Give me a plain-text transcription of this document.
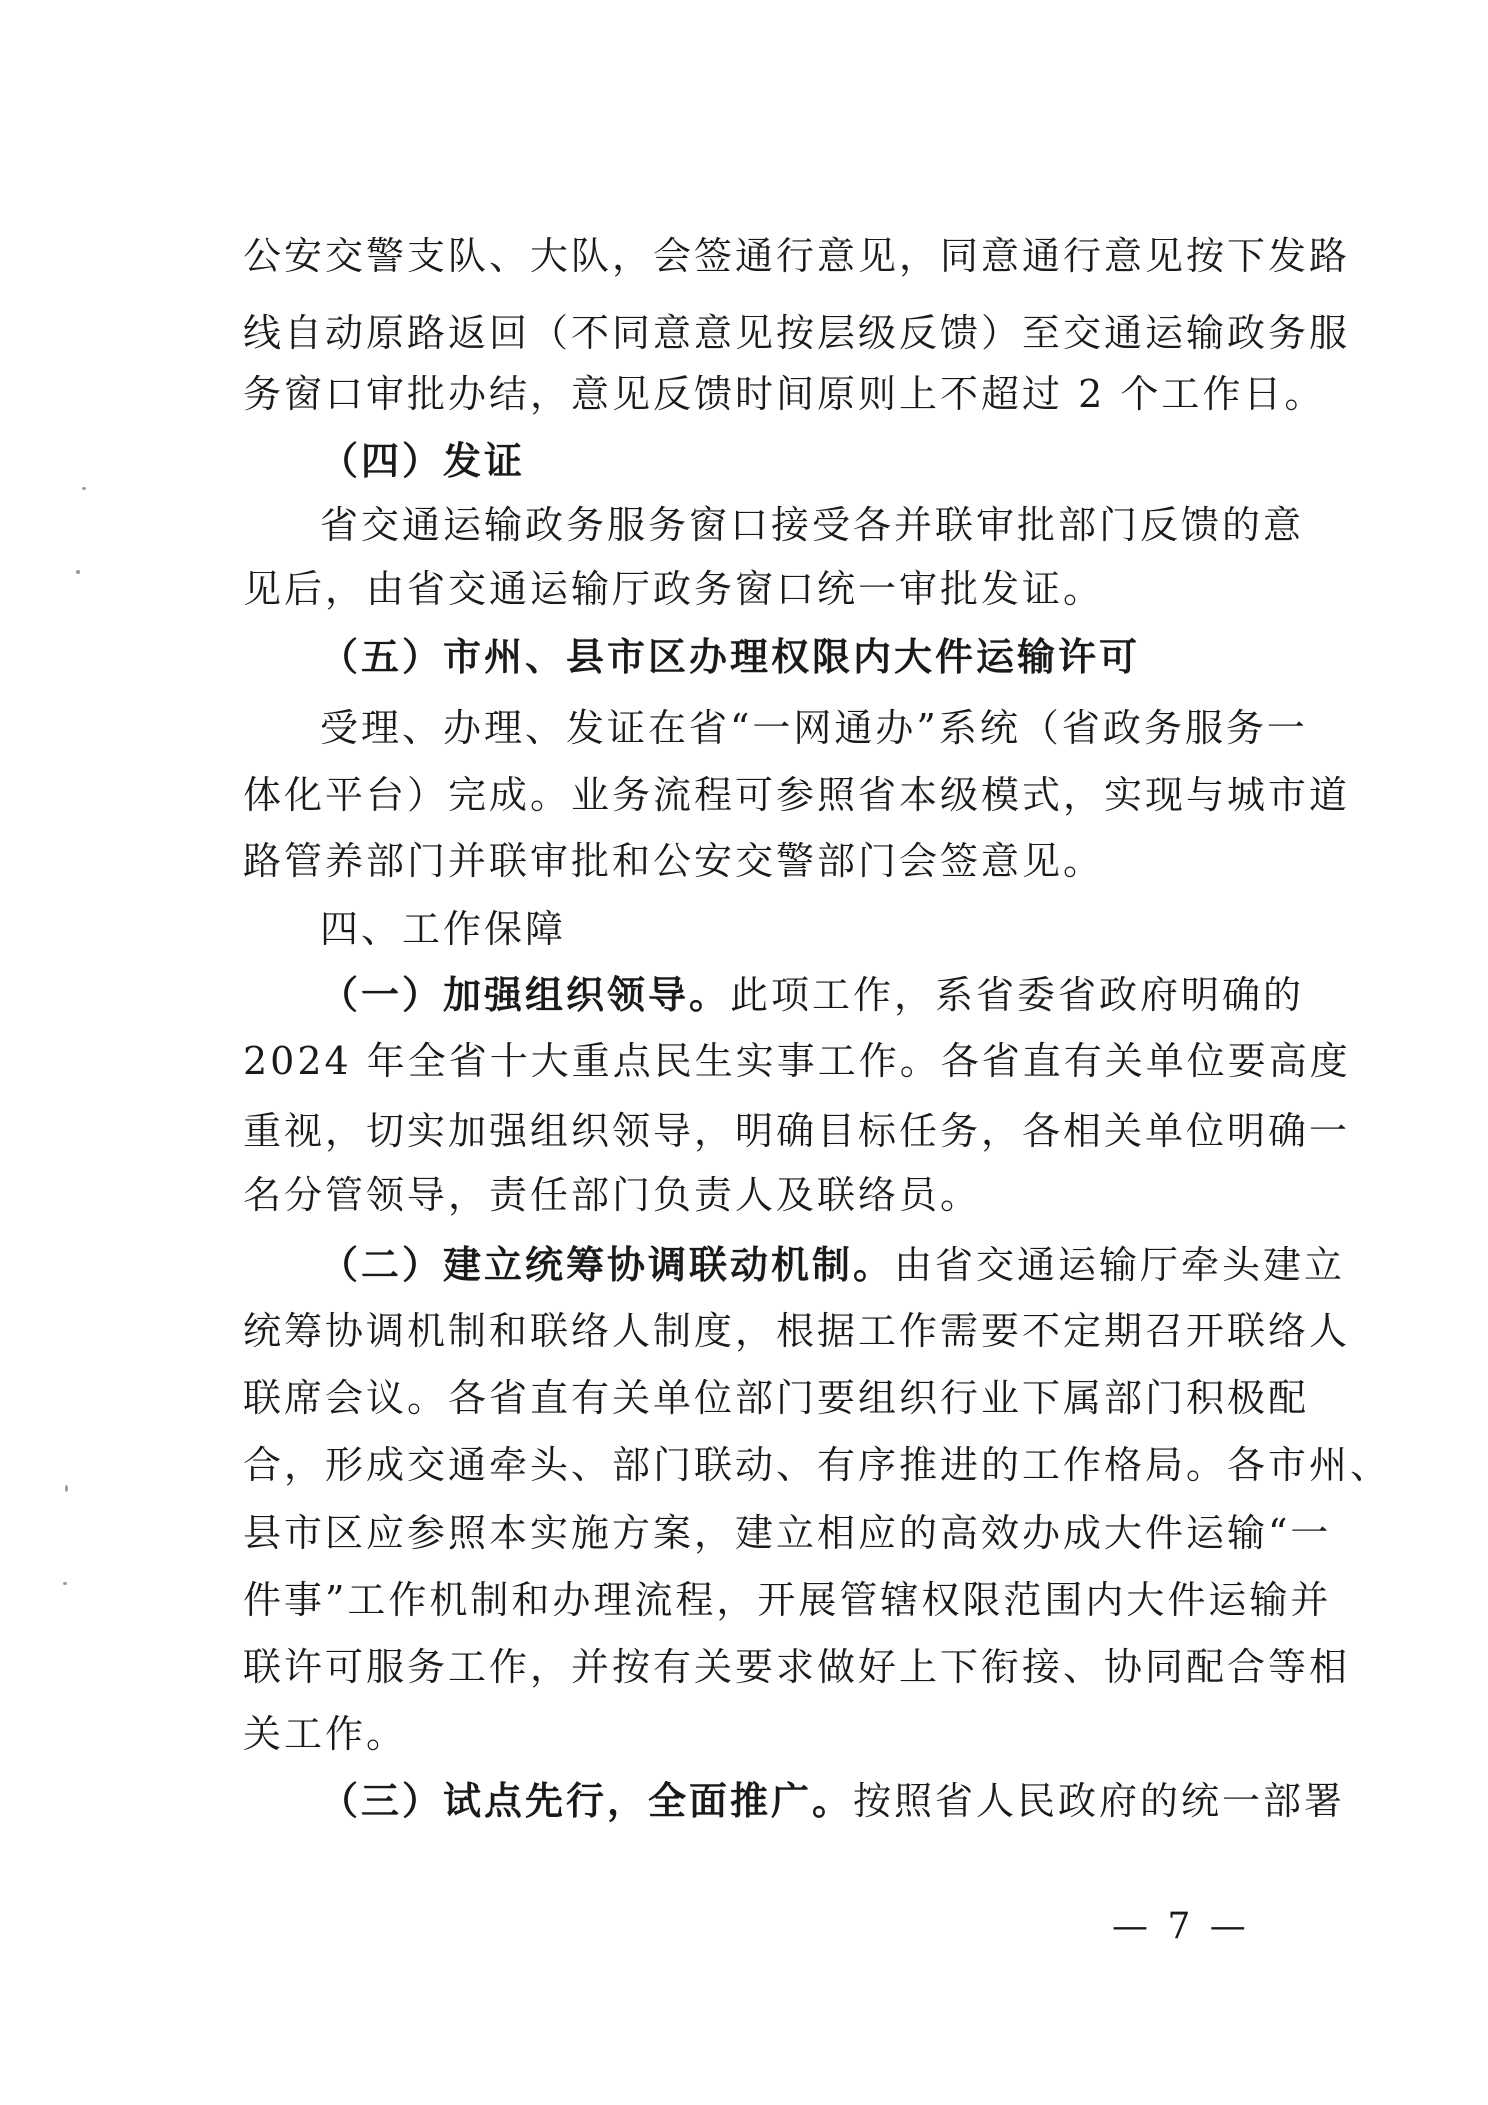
公安交警支队、大队，会签通行意见，同意通行意见按下发路
线自动原路返回（不同意意见按层级反馈）至交通运输政务服
务窗口审批办结，意见反馈时间原则上不超过 2 个工作日。
（四）发证
省交通运输政务服务窗口接受各并联审批部门反馈的意
见后，由省交通运输厅政务窗口统一审批发证。
（五）市州、县市区办理权限内大件运输许可
受理、办理、发证在省“一网通办”系统（省政务服务一
体化平台）完成。业务流程可参照省本级模式，实现与城市道
路管养部门并联审批和公安交警部门会签意见。
四、工作保障
（一）加强组织领导。此项工作，系省委省政府明确的
2024 年全省十大重点民生实事工作。各省直有关单位要高度
重视，切实加强组织领导，明确目标任务，各相关单位明确一
名分管领导，责任部门负责人及联络员。
（二）建立统筹协调联动机制。由省交通运输厅牵头建立
统筹协调机制和联络人制度，根据工作需要不定期召开联络人
联席会议。各省直有关单位部门要组织行业下属部门积极配
合，形成交通牵头、部门联动、有序推进的工作格局。各市州、
县市区应参照本实施方案，建立相应的高效办成大件运输“一
件事”工作机制和办理流程，开展管辖权限范围内大件运输并
联许可服务工作，并按有关要求做好上下衔接、协同配合等相
关工作。
（三）试点先行，全面推广。按照省人民政府的统一部署
— 7 —
